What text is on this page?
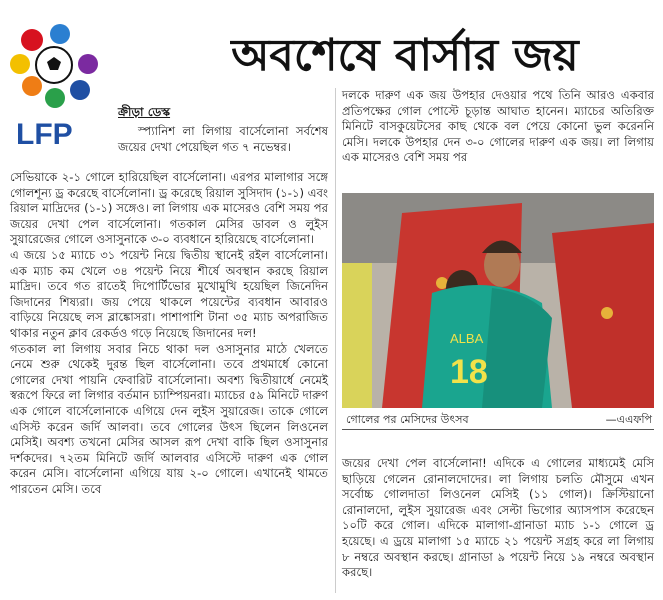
LFP
অবশেষে বার্সার জয়
ক্রীড়া ডেস্ক
স্প্যানিশ লা লিগায় বার্সেলোনা সর্বশেষ জয়ের দেখা পেয়েছিল গত ৭ নভেম্বর।

সেভিয়াকে ২-১ গোলে হারিয়েছিল বার্সেলোনা। এরপর মালাগার সঙ্গে গোলশূন্য ড্র করেছে বার্সেলোনা। ড্র করেছে রিয়াল সুসিদাদ (১-১) এবং রিয়াল মাদ্রিদের (১-১) সঙ্গেও। লা লিগায় এক মাসেরও বেশি সময় পর জয়ের দেখা পেল বার্সেলোনা। গতকাল মেসির ডাবল ও লুইস সুয়ারেজের গোলে ওসাসুনাকে ৩-০ ব্যবধানে হারিয়েছে বার্সেলোনা।

এ জয়ে ১৫ ম্যাচে ৩১ পয়েন্ট নিয়ে দ্বিতীয় স্থানেই রইল বার্সেলোনা। এক ম্যাচ কম খেলে ৩৪ পয়েন্ট নিয়ে শীর্ষে অবস্থান করছে রিয়াল মাদ্রিদ। তবে গত রাতেই দিপোর্টিভোর মুখোমুখি হয়েছিল জিনেদিন জিদানের শিষ্যরা। জয় পেয়ে থাকলে পয়েন্টের ব্যবধান আবারও বাড়িয়ে নিয়েছে লস ব্লাঙ্কোসরা। পাশাপাশি টানা ৩৫ ম্যাচ অপরাজিত থাকার নতুন ক্লাব রেকর্ডও গড়ে নিয়েছে জিদানের দল!

গতকাল লা লিগায় সবার নিচে থাকা দল ওসাসুনার মাঠে খেলতে নেমে শুরু থেকেই দুরন্ত ছিল বার্সেলোনা। তবে প্রথমার্ধে কোনো গোলের দেখা পায়নি ফেবারিট বার্সেলোনা। অবশ্য দ্বিতীয়ার্ধে নেমেই স্বরূপে ফিরে লা লিগার বর্তমান চ্যাম্পিয়নরা। ম্যাচের ৫৯ মিনিটে দারুণ এক গোলে বার্সেলোনাকে এগিয়ে দেন লুইস সুয়ারেজ। তাকে গোলে এসিস্ট করেন জর্দি আলবা। তবে গোলের উৎস ছিলেন লিওনেল মেসিই। অবশ্য তখনো মেসির আসল রূপ দেখা বাকি ছিল ওসাসুনার দর্শকদের। ৭২তম মিনিটে জর্দি আলবার এসিস্টে দারুণ এক গোল করেন মেসি। বার্সেলোনা এগিয়ে যায় ২-০ গোলে। এখানেই থামতে পারতেন মেসি। তবে

দলকে দারুণ এক জয় উপহার দেওয়ার পথে তিনি আরও একবার প্রতিপক্ষের গোল পোস্টে চূড়ান্ত আঘাত হানেন। ম্যাচের অতিরিক্ত মিনিটে বাসকুয়েটসের কাছ থেকে বল পেয়ে কোনো ভুল করেননি মেসি। দলকে উপহার দেন ৩-০ গোলের দারুণ এক জয়। লা লিগায় এক মাসেরও বেশি সময় পর
ALBA
18
গোলের পর মেসিদের উৎসব	—এএফপি
জয়ের দেখা পেল বার্সেলোনা! এদিকে এ গোলের মাধ্যমেই মেসি ছাড়িয়ে গেলেন রোনালদোদের। লা লিগায় চলতি মৌসুমে এখন সর্বোচ্চ গোলদাতা লিওনেল মেসিই (১১ গোল)। ক্রিস্টিয়ানো রোনালদো, লুইস সুয়ারেজ এবং সেল্টা ভিগোর অ্যাসপাস করেছেন ১০টি করে গোল। এদিকে মালাগা-গ্রানাডা ম্যাচ ১-১ গোলে ড্র হয়েছে। এ ড্রয়ে মালাগা ১৫ ম্যাচে ২১ পয়েন্ট সগ্রহ করে লা লিগায় ৮ নম্বরে অবস্থান করছে। গ্রানাডা ৯ পয়েন্ট নিয়ে ১৯ নম্বরে অবস্থান করছে।
